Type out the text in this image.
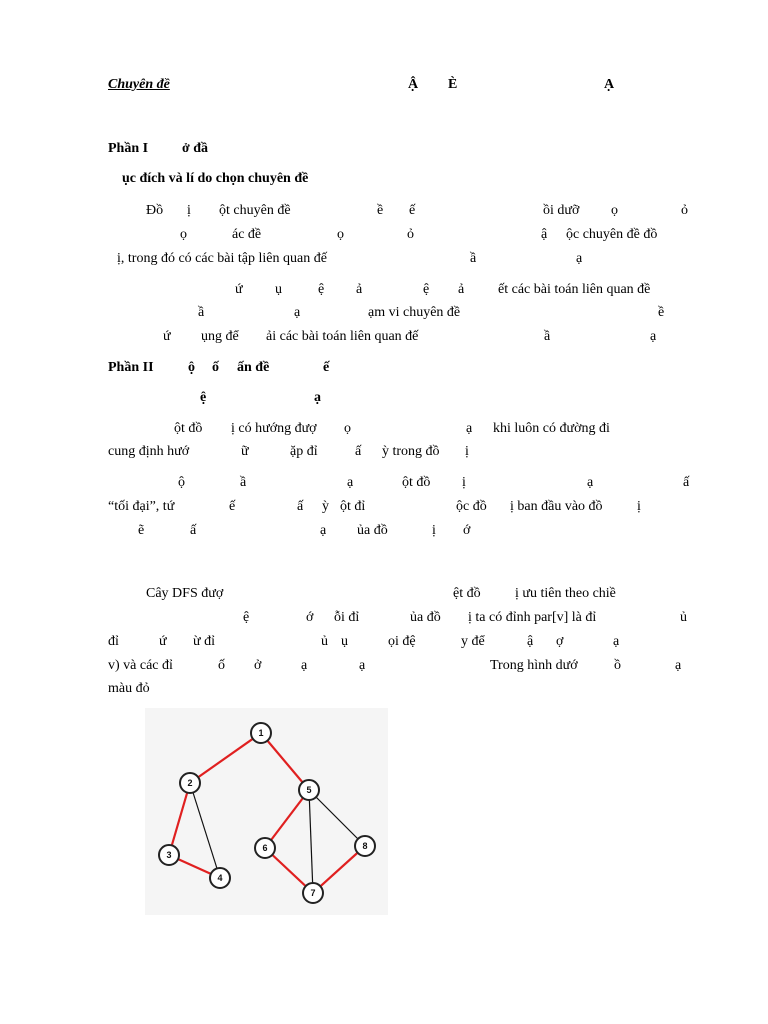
Chuyên đề	Ậ È	Ạ
Phần I ở đầ
ục đích và lí do chọn chuyên đề
Đồ ị ột chuyên đề	ề ế	ồi dưỡ ọ	ỏ
ọ	ác đề	ọ	ỏ	ậ ộc chuyên đề đồ
ị, trong đó có các bài tập liên quan đế	ầ	ạ
ứ ụ	ệ ả	ệ ả ết các bài toán liên quan đề
ầ	ạ	ạm vi chuyên đề	ề
ứ ụng để ải các bài toán liên quan đế	ầ	ạ
Phần II ộ ố ấn đề	ế
ệ	ạ
ột đồ ị có hướng đượ ọ	ạ khi luôn có đường đi
cung định hướ	ữ	ặp đỉ	ấ ỳ trong đồ ị
ộ	ầ	ạ	ột đồ ị	ạ	ấ
“tối đại”, tứ	ế	ấ ỳ ột đỉ	ộc đồ ị ban đầu vào đồ ị
ẽ	ấ	ạ ủa đồ	ị ớ
Cây DFS đượ	ệt đồ ị ưu tiên theo chiề
ệ	ớ ỗi đỉ	ủa đồ ị ta có đỉnh par[v] là đỉ	ủ
đỉ	ứ ừ đỉ	ủ ụ	ọi đệ	y để	ậ ợ	ạ
v) và các đỉ	ố ở	ạ	ạ	Trong hình dướ	ồ	ạ
màu đỏ
1
2
3
4
5
6
7
8
